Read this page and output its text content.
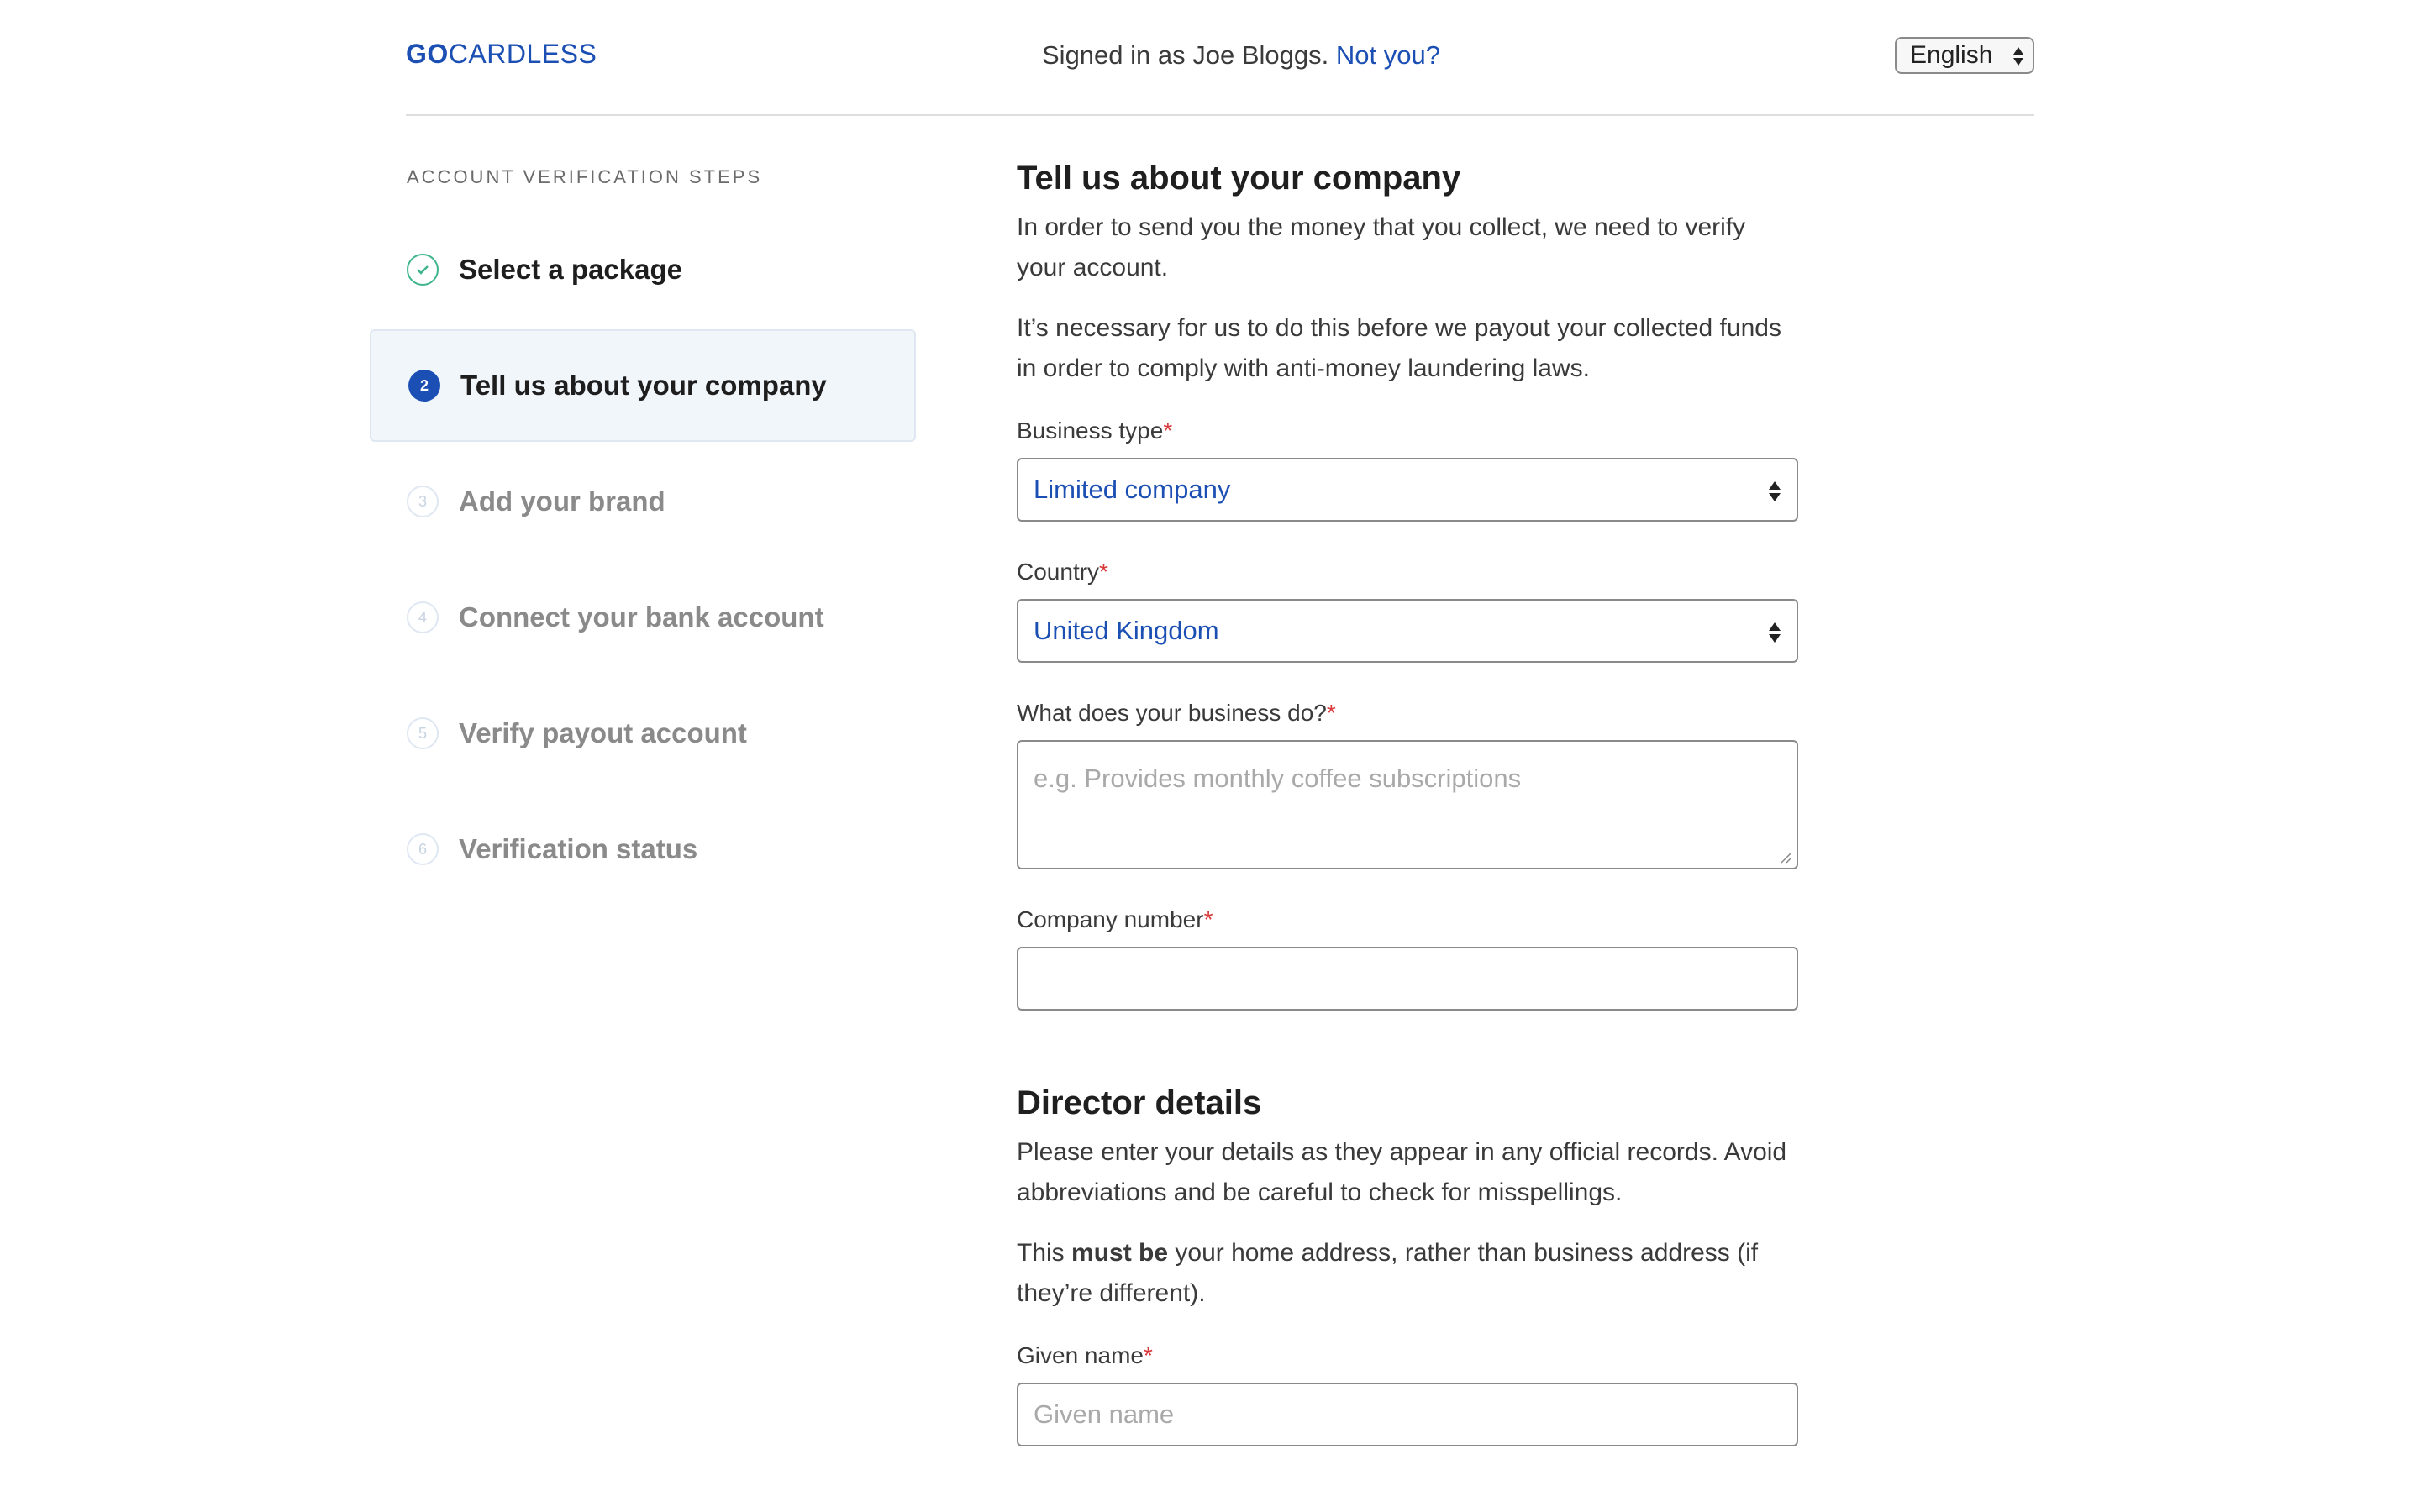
GOCARDLESS	Signed in as Joe Bloggs. Not you?	English
ACCOUNT VERIFICATION STEPS
Select a package
2	Tell us about your company
3	Add your brand
4	Connect your bank account
5	Verify payout account
6	Verification status
Tell us about your company

In order to send you the money that you collect, we need to verify your account.

It’s necessary for us to do this before we payout your collected funds in order to comply with anti-money laundering laws.

Business type*
Limited company
Country*
United Kingdom
What does your business do?*
e.g. Provides monthly coffee subscriptions
Company number*
Director details

Please enter your details as they appear in any official records. Avoid abbreviations and be careful to check for misspellings.

This must be your home address, rather than business address (if they’re different).

Given name*
Given name
